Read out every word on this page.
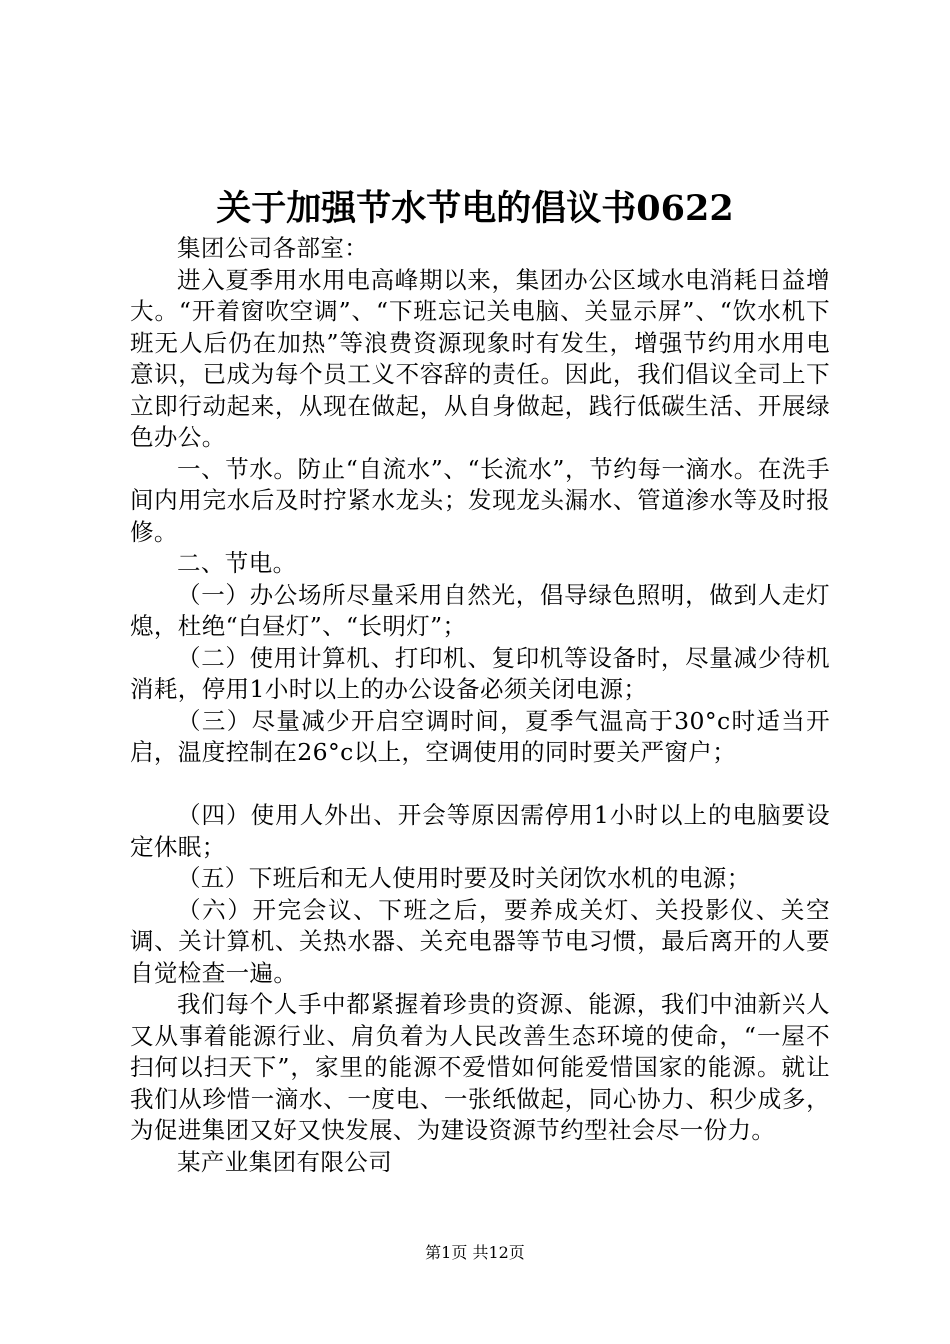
关于加强节水节电的倡议书0622

集团公司各部室：

进入夏季用水用电高峰期以来，集团办公区域水电消耗日益增大。“开着窗吹空调”、“下班忘记关电脑、关显示屏”、“饮水机下班无人后仍在加热”等浪费资源现象时有发生，增强节约用水用电意识，已成为每个员工义不容辞的责任。因此，我们倡议全司上下立即行动起来，从现在做起，从自身做起，践行低碳生活、开展绿色办公。

一、节水。防止“自流水”、“长流水”，节约每一滴水。在洗手间内用完水后及时拧紧水龙头；发现龙头漏水、管道渗水等及时报修。

二、节电。

（一）办公场所尽量采用自然光，倡导绿色照明，做到人走灯熄，杜绝“白昼灯”、“长明灯”；

（二）使用计算机、打印机、复印机等设备时，尽量减少待机消耗，停用1小时以上的办公设备必须关闭电源；

（三）尽量减少开启空调时间，夏季气温高于30°c时适当开启，温度控制在26°c以上，空调使用的同时要关严窗户；

（四）使用人外出、开会等原因需停用1小时以上的电脑要设定休眠；

（五）下班后和无人使用时要及时关闭饮水机的电源；

（六）开完会议、下班之后，要养成关灯、关投影仪、关空调、关计算机、关热水器、关充电器等节电习惯，最后离开的人要自觉检查一遍。

我们每个人手中都紧握着珍贵的资源、能源，我们中油新兴人又从事着能源行业、肩负着为人民改善生态环境的使命，“一屋不扫何以扫天下”，家里的能源不爱惜如何能爱惜国家的能源。就让我们从珍惜一滴水、一度电、一张纸做起，同心协力、积少成多，为促进集团又好又快发展、为建设资源节约型社会尽一份力。

某产业集团有限公司

第1页 共12页
